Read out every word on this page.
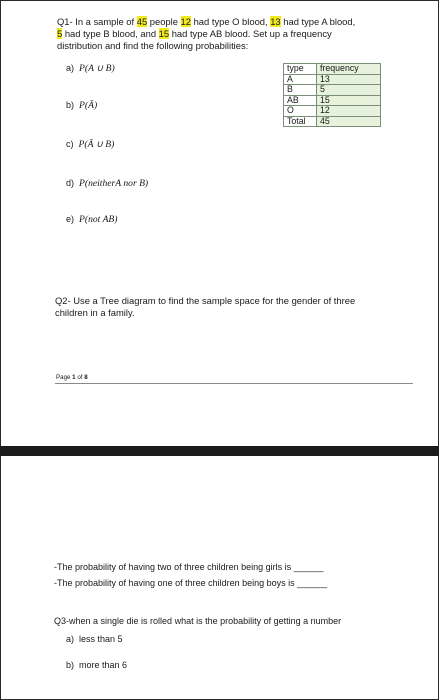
Q1- In a sample of 45 people 12 had type O blood, 13 had type A blood,
5 had type B blood, and 15 had type AB blood. Set up a frequency
distribution and find the following probabilities:
a) P(A ∪ B)
b) P(Ā)
c) P(Ā ∪ B)
d) P(neitherA nor B)
e) P(not AB)
type	frequency
A	13
B	5
AB	15
O	12
Total	45
Q2- Use a Tree diagram to find the sample space for the gender of three
children in a family.
Page 1 of 8
-The probability of having two of three children being girls is ______
-The probability of having one of three children being boys is ______
Q3-when a single die is rolled what is the probability of getting a number
a) less than 5
b) more than 6
